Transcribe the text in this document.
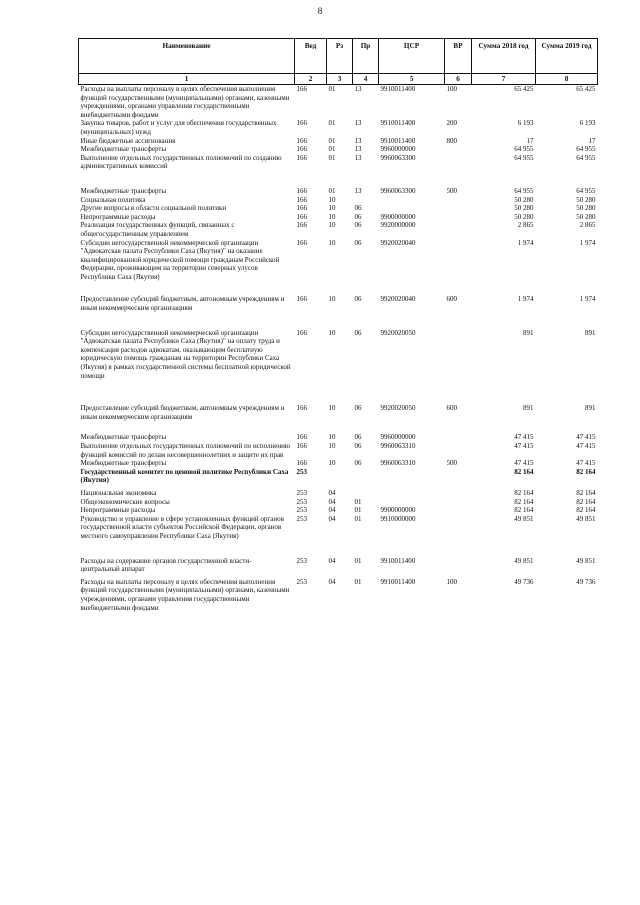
8
Наименование	Вед	Рз	Пр	ЦСР	ВР	Сумма 2018 год	Сумма 2019 год
1	2	3	4	5	6	7	8
Расходы на выплаты персоналу в целях обеспечения выполнения функций государственными (муниципальными) органами, казенными учреждениями, органами управления государственными внебюджетными фондами	166	01	13	9910011400	100	65 425	65 425
Закупка товаров, работ и услуг для обеспечения государственных (муниципальных) нужд	166	01	13	9910011400	200	6 193	6 193
Иные бюджетные ассигнования	166	01	13	9910011400	800	17	17
Межбюджетные трансферты	166	01	13	9960000000		64 955	64 955
Выполнение отдельных государственных полномочий по созданию административных комиссий	166	01	13	9960063300		64 955	64 955
Межбюджетные трансферты	166	01	13	9960063300	500	64 955	64 955
Социальная политика	166	10				50 280	50 280
Другие вопросы в области социальной политики	166	10	06			50 280	50 280
Непрограммные расходы	166	10	06	9900000000		50 280	50 280
Реализация государственных функций, связанных с общегосударственным управлением	166	10	06	9920000000		2 865	2 865
Субсидии негосударственной некоммерческой организации "Адвокатская палата Республики Саха (Якутия)" на оказание квалифицированной юридической помощи гражданам Российской Федерации, проживающим на территории северных улусов Республики Саха (Якутия)	166	10	06	9920020040		1 974	1 974
Предоставление субсидий бюджетным, автономным учреждениям и иным некоммерческим организациям	166	10	06	9920020040	600	1 974	1 974
Субсидии негосударственной некоммерческой организации "Адвокатская палата Республики Саха (Якутия)" на оплату труда и компенсация расходов адвокатам, оказывающим бесплатную юридическую помощь гражданам на территории Республики Саха (Якутия) в рамках государственной системы бесплатной юридической помощи	166	10	06	9920020050		891	891
Предоставление субсидий бюджетным, автономным учреждениям и иным некоммерческим организациям	166	10	06	9920020050	600	891	891
Межбюджетные трансферты	166	10	06	9960000000		47 415	47 415
Выполнение отдельных государственных полномочий по исполнению функций комиссий по делам несовершеннолетних и защите их прав	166	10	06	9960063310		47 415	47 415
Межбюджетные трансферты	166	10	06	9960063310	500	47 415	47 415
Государственный комитет по ценовой политике Республики Саха (Якутия)	253					82 164	82 164
Национальная экономика	253	04				82 164	82 164
Общеэкономические вопросы	253	04	01			82 164	82 164
Непрограммные расходы	253	04	01	9900000000		82 164	82 164
Руководство и управление в сфере установленных функций органов государственной власти субъектов Российской Федерации, органов местного самоуправления Республики Саха (Якутия)	253	04	01	9910000000		49 851	49 851
Расходы на содержание органов государственной власти- центральный аппарат	253	04	01	9910011400		49 851	49 851
Расходы на выплаты персоналу в целях обеспечения выполнения функций государственными (муниципальными) органами, казенными учреждениями, органами управления государственными внебюджетными фондами	253	04	01	9910011400	100	49 736	49 736
